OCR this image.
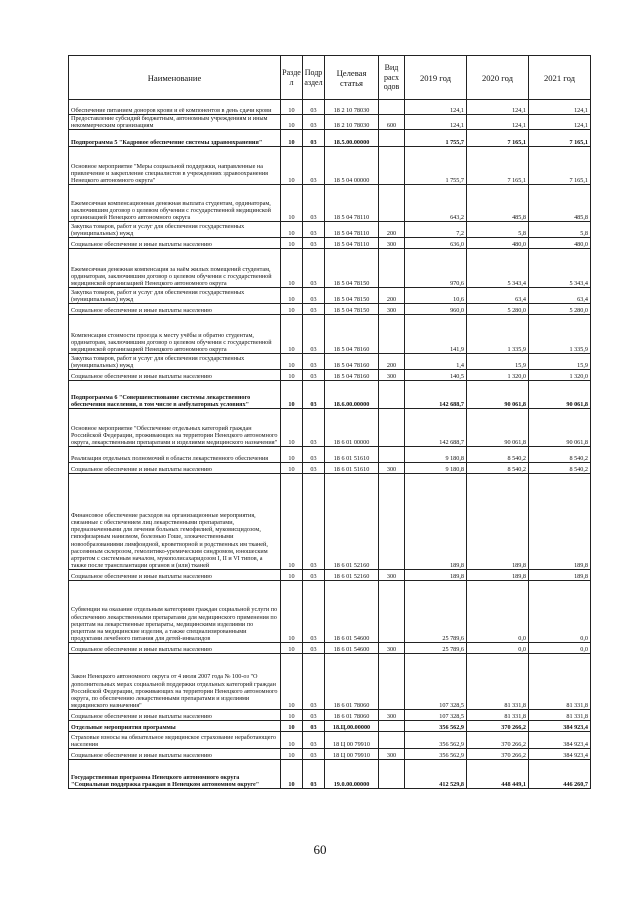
Наименование	Разде л	Подр аздел	Целевая статья	Вид расх одов	2019 год	2020 год	2021 год
Обеспечение питанием доноров крови и её компонентов в день сдачи крови	10	03	18 2 10 78030		124,1	124,1	124,1
Предоставление субсидий бюджетным, автономным учреждениям и иным некоммерческим организациям	10	03	18 2 10 78030	600	124,1	124,1	124,1
Подпрограмма 5 "Кадровое обеспечение системы здравоохранения"	10	03	18.5.00.00000		1 755,7	7 165,1	7 165,1
Основное мероприятие "Меры социальной поддержки, направленные на привлечение и закрепление специалистов в учреждениях здравоохранения Ненецкого автономного округа"	10	03	18 5 04 00000		1 755,7	7 165,1	7 165,1
Ежемесячная компенсационная денежная выплата студентам, ординаторам, заключившим договор о целевом обучении с государственной медицинской организацией Ненецкого автономного округа	10	03	18 5 04 78110		643,2	485,8	485,8
Закупка товаров, работ и услуг для обеспечения государственных (муниципальных) нужд	10	03	18 5 04 78110	200	7,2	5,8	5,8
Социальное обеспечение и иные выплаты населению	10	03	18 5 04 78110	300	636,0	480,0	480,0
Ежемесячная денежная компенсация за наём жилых помещений студентам, ординаторам, заключившим договор о целевом обучении с государственной медицинской организацией Ненецкого автономного округа	10	03	18 5 04 78150		970,6	5 343,4	5 343,4
Закупка товаров, работ и услуг для обеспечения государственных (муниципальных) нужд	10	03	18 5 04 78150	200	10,6	63,4	63,4
Социальное обеспечение и иные выплаты населению	10	03	18 5 04 78150	300	960,0	5 280,0	5 280,0
Компенсация стоимости проезда к месту учёбы и обратно студентам, ординаторам, заключившим договор о целевом обучении с государственной медицинской организацией Ненецкого автономного округа	10	03	18 5 04 78160		141,9	1 335,9	1 335,9
Закупка товаров, работ и услуг для обеспечения государственных (муниципальных) нужд	10	03	18 5 04 78160	200	1,4	15,9	15,9
Социальное обеспечение и иные выплаты населению	10	03	18 5 04 78160	300	140,5	1 320,0	1 320,0
Подпрограмма 6 "Совершенствование системы лекарственного обеспечения населения, в том числе в амбулаторных условиях"	10	03	18.6.00.00000		142 688,7	90 061,8	90 061,8
Основное мероприятие "Обеспечение отдельных категорий граждан Российской Федерации, проживающих на территории Ненецкого автономного округа, лекарственными препаратами и изделиями медицинского назначения"	10	03	18 6 01 00000		142 688,7	90 061,8	90 061,8
Реализация отдельных полномочий в области лекарственного обеспечения	10	03	18 6 01 51610		9 180,8	8 540,2	8 540,2
Социальное обеспечение и иные выплаты населению	10	03	18 6 01 51610	300	9 180,8	8 540,2	8 540,2
Финансовое обеспечение расходов на организационные мероприятия, связанные с обеспечением лиц лекарственными препаратами, предназначенными для лечения больных гемофилией, муковисцидозом, гипофизарным нанизмом, болезнью Гоше, злокачественными новообразованиями лимфоидной, кроветворной и родственных им тканей, рассеянным склерозом, гемолитико-уремическим синдромом, юношеским артритом с системным началом, мукополисахаридозом I, II и VI типов, а также после трансплантации органов и (или) тканей	10	03	18 6 01 52160		189,8	189,8	189,8
Социальное обеспечение и иные выплаты населению	10	03	18 6 01 52160	300	189,8	189,8	189,8
Субвенции на оказание отдельным категориям граждан социальной услуги по обеспечению лекарственными препаратами для медицинского применения по рецептам на лекарственные препараты, медицинскими изделиями по рецептам на медицинские изделия, а также специализированными продуктами лечебного питания для детей-инвалидов	10	03	18 6 01 54600		25 789,6	0,0	0,0
Социальное обеспечение и иные выплаты населению	10	03	18 6 01 54600	300	25 789,6	0,0	0,0
Закон Ненецкого автономного округа от 4 июля 2007 года № 100-оз "О дополнительных мерах социальной поддержки отдельных категорий граждан Российской Федерации, проживающих на территории Ненецкого автономного округа, по обеспечению лекарственными препаратами и изделиями медицинского назначения"	10	03	18 6 01 78060		107 328,5	81 331,8	81 331,8
Социальное обеспечение и иные выплаты населению	10	03	18 6 01 78060	300	107 328,5	81 331,8	81 331,8
Отдельные мероприятия программы	10	03	18.Ц.00.00000		356 562,9	370 266,2	384 923,4
Страховые взносы на обязательное медицинское страхование неработающего населения	10	03	18 Ц 00 79910		356 562,9	370 266,2	384 923,4
Социальное обеспечение и иные выплаты населению	10	03	18 Ц 00 79910	300	356 562,9	370 266,2	384 923,4
Государственная программа Ненецкого автономного округа "Социальная поддержка граждан в Ненецком автономном округе"	10	03	19.0.00.00000		412 529,8	448 449,1	446 260,7
60
